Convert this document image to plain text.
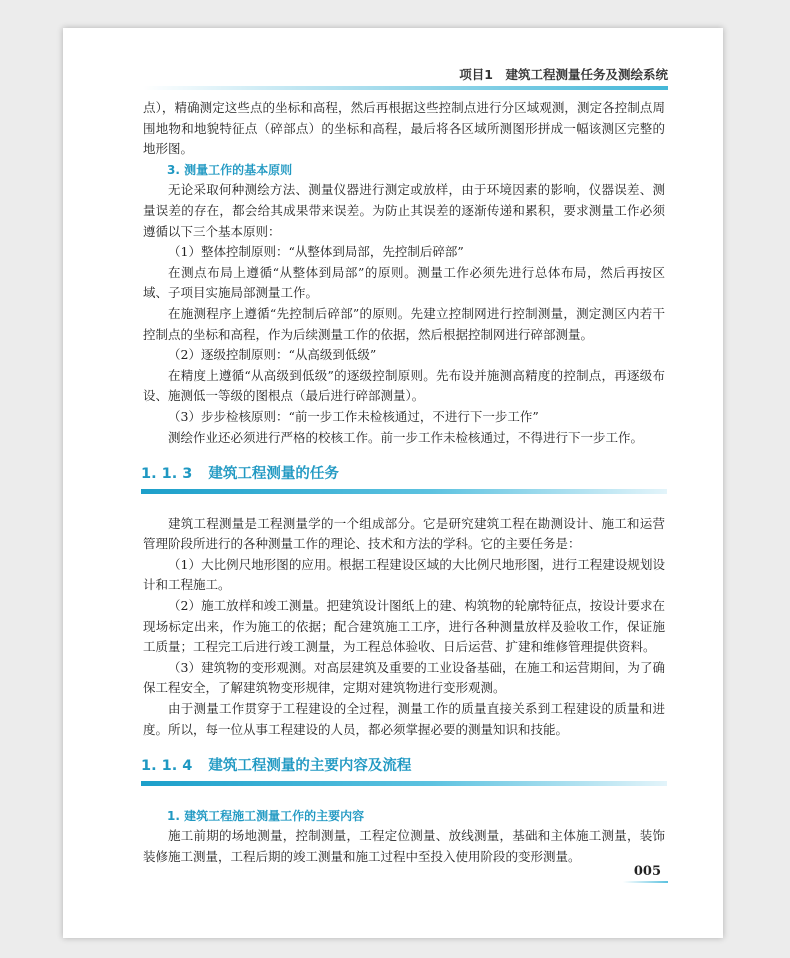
项目1　建筑工程测量任务及测绘系统

点），精确测定这些点的坐标和高程，然后再根据这些控制点进行分区域观测，测定各控制点周围地物和地貌特征点（碎部点）的坐标和高程，最后将各区域所测图形拼成一幅该测区完整的地形图。

3. 测量工作的基本原则

无论采取何种测绘方法、测量仪器进行测定或放样，由于环境因素的影响，仪器误差、测量误差的存在，都会给其成果带来误差。为防止其误差的逐渐传递和累积，要求测量工作必须遵循以下三个基本原则：

（1）整体控制原则：“从整体到局部，先控制后碎部”

在测点布局上遵循“从整体到局部”的原则。测量工作必须先进行总体布局，然后再按区域、子项目实施局部测量工作。

在施测程序上遵循“先控制后碎部”的原则。先建立控制网进行控制测量，测定测区内若干控制点的坐标和高程，作为后续测量工作的依据，然后根据控制网进行碎部测量。

（2）逐级控制原则：“从高级到低级”

在精度上遵循“从高级到低级”的逐级控制原则。先布设并施测高精度的控制点，再逐级布设、施测低一等级的图根点（最后进行碎部测量）。

（3）步步检核原则：“前一步工作未检核通过，不进行下一步工作”

测绘作业还必须进行严格的校核工作。前一步工作未检核通过，不得进行下一步工作。

1. 1. 3 建筑工程测量的任务

建筑工程测量是工程测量学的一个组成部分。它是研究建筑工程在勘测设计、施工和运营管理阶段所进行的各种测量工作的理论、技术和方法的学科。它的主要任务是：

（1）大比例尺地形图的应用。根据工程建设区域的大比例尺地形图，进行工程建设规划设计和工程施工。

（2）施工放样和竣工测量。把建筑设计图纸上的建、构筑物的轮廓特征点，按设计要求在现场标定出来，作为施工的依据；配合建筑施工工序，进行各种测量放样及验收工作，保证施工质量；工程完工后进行竣工测量，为工程总体验收、日后运营、扩建和维修管理提供资料。

（3）建筑物的变形观测。对高层建筑及重要的工业设备基础，在施工和运营期间，为了确保工程安全，了解建筑物变形规律，定期对建筑物进行变形观测。

由于测量工作贯穿于工程建设的全过程，测量工作的质量直接关系到工程建设的质量和进度。所以，每一位从事工程建设的人员，都必须掌握必要的测量知识和技能。

1. 1. 4 建筑工程测量的主要内容及流程

1. 建筑工程施工测量工作的主要内容

施工前期的场地测量，控制测量，工程定位测量、放线测量，基础和主体施工测量，装饰装修施工测量，工程后期的竣工测量和施工过程中至投入使用阶段的变形测量。

005
